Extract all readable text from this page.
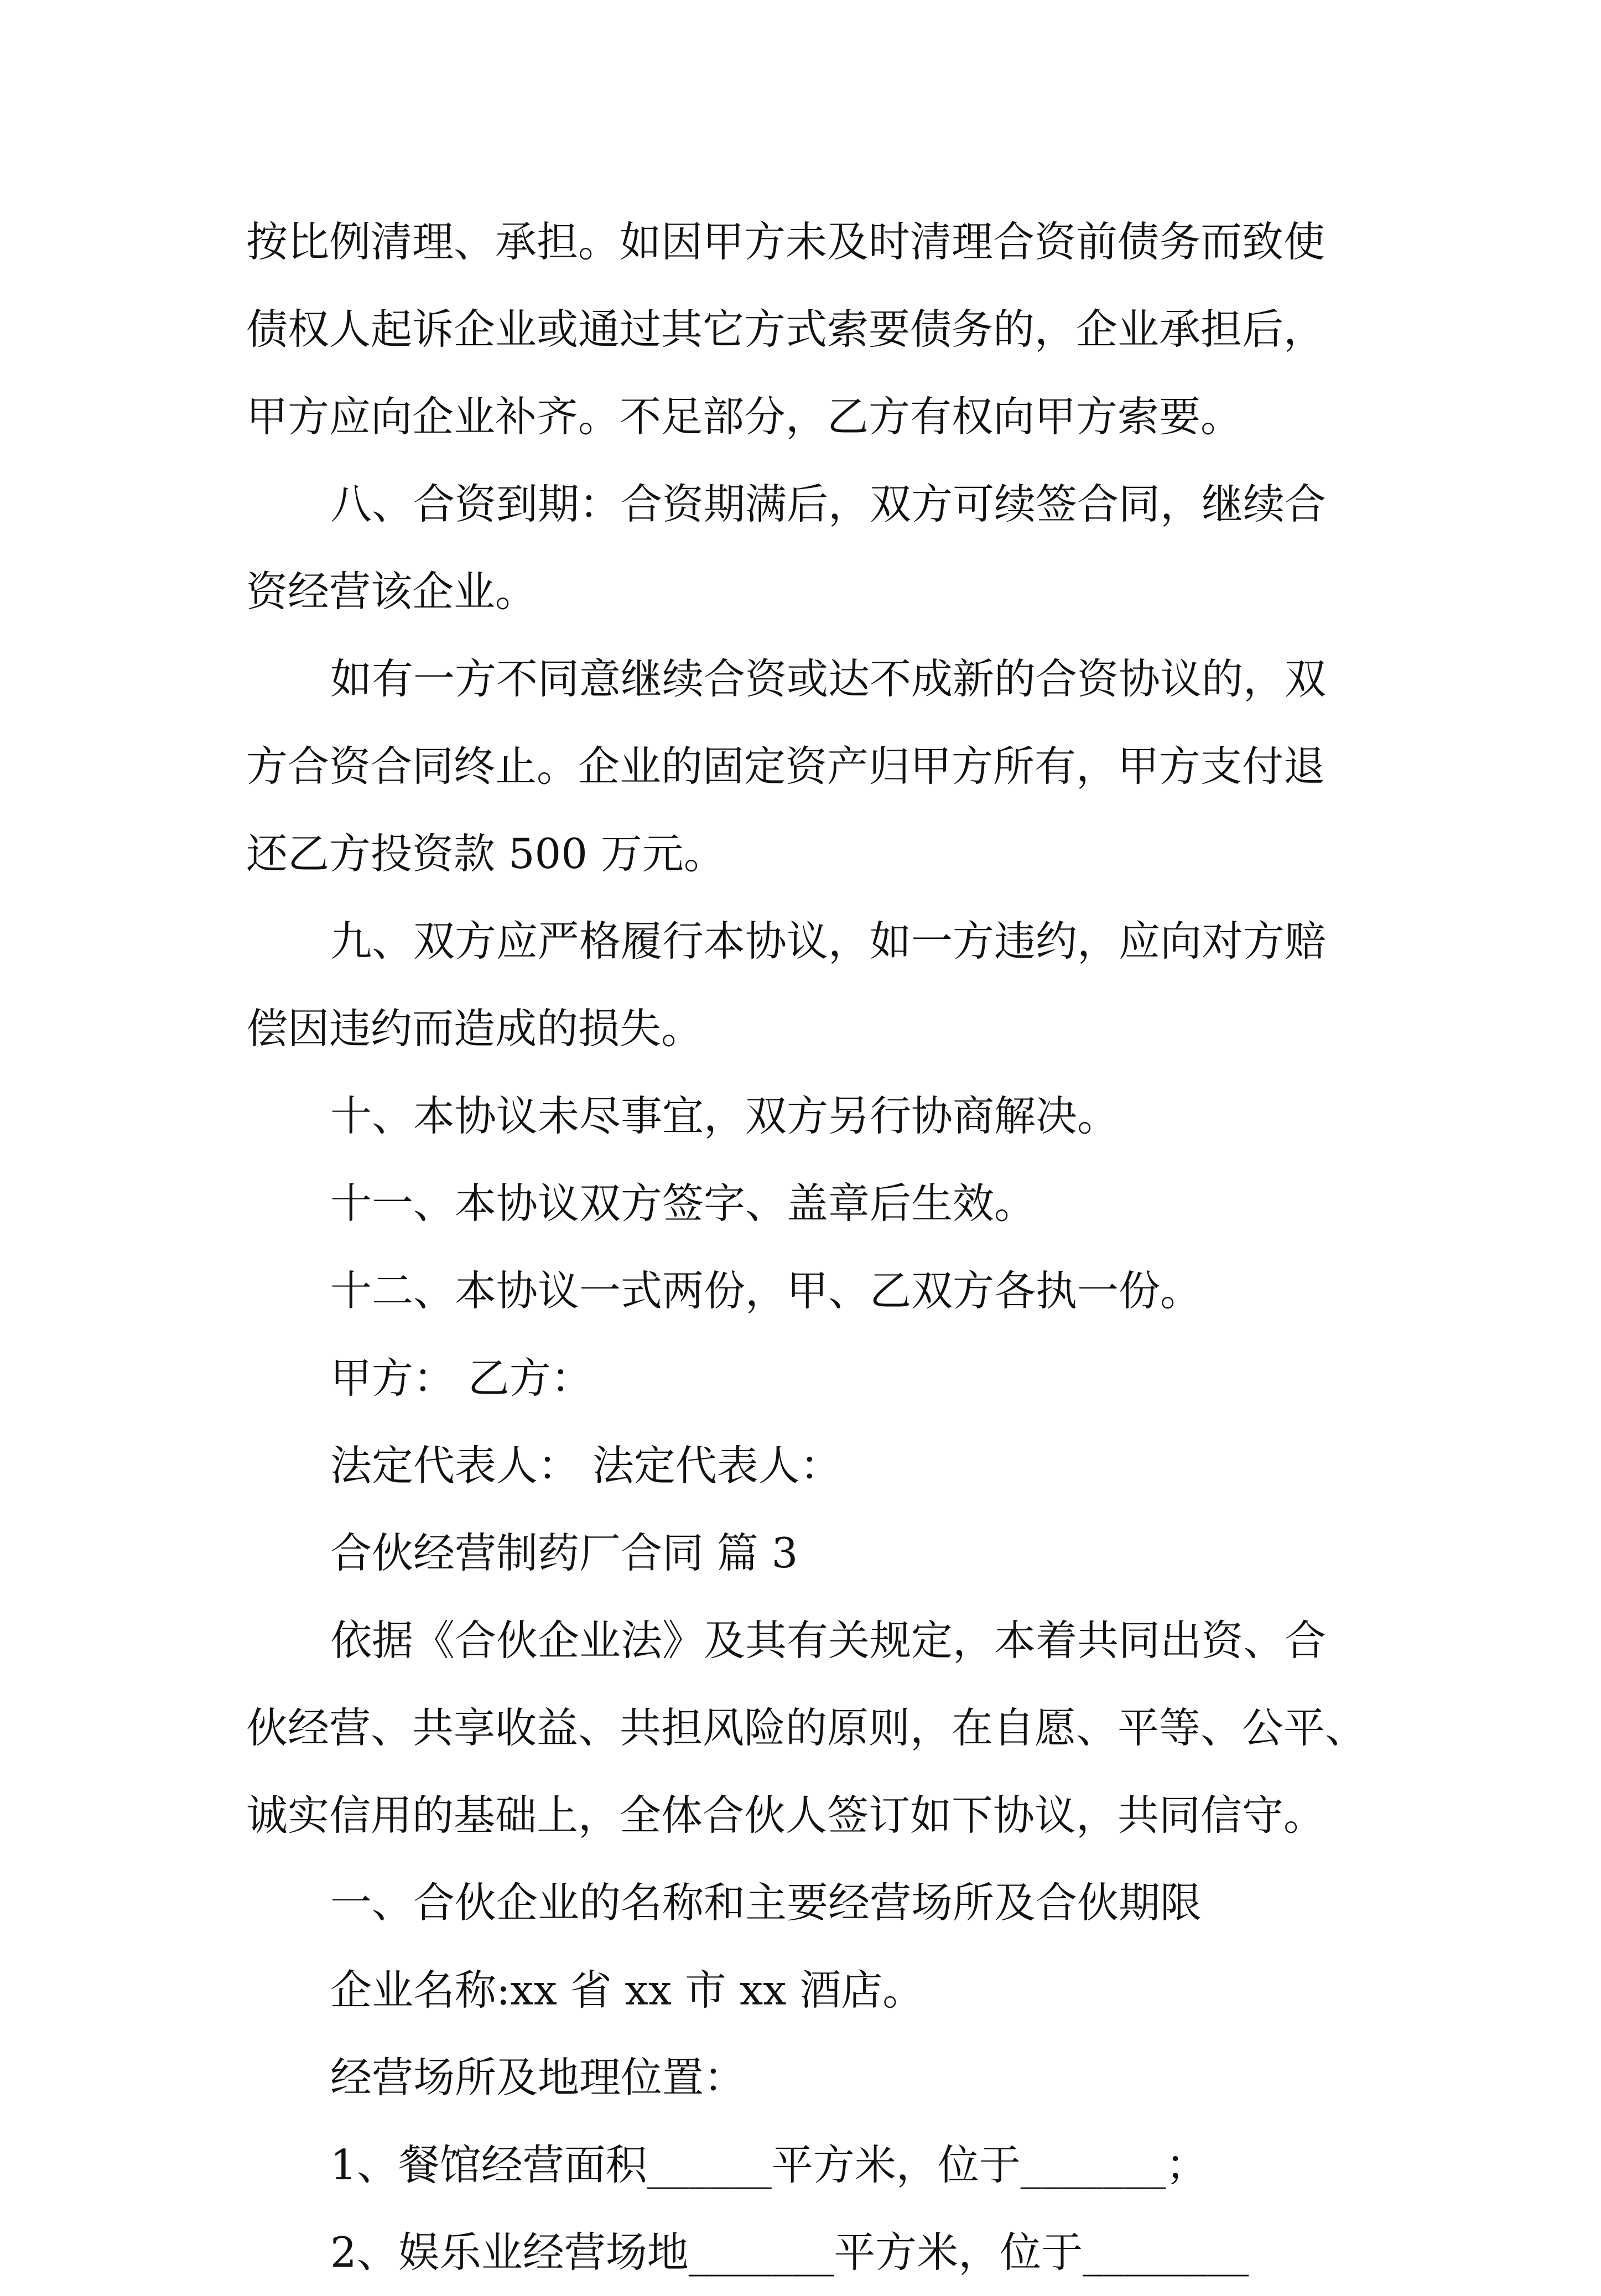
按比例清理、承担。如因甲方未及时清理合资前债务而致使
债权人起诉企业或通过其它方式索要债务的，企业承担后，
甲方应向企业补齐。不足部分，乙方有权向甲方索要。
八、合资到期：合资期满后，双方可续签合同，继续合
资经营该企业。
如有一方不同意继续合资或达不成新的合资协议的，双
方合资合同终止。企业的固定资产归甲方所有，甲方支付退
还乙方投资款 500 万元。
九、双方应严格履行本协议，如一方违约，应向对方赔
偿因违约而造成的损失。
十、本协议未尽事宜，双方另行协商解决。
十一、本协议双方签字、盖章后生效。
十二、本协议一式两份，甲、乙双方各执一份。
甲方： 乙方：
法定代表人： 法定代表人：
合伙经营制药厂合同 篇 3
依据《合伙企业法》及其有关规定，本着共同出资、合
伙经营、共享收益、共担风险的原则，在自愿、平等、公平、
诚实信用的基础上，全体合伙人签订如下协议，共同信守。
一、合伙企业的名称和主要经营场所及合伙期限
企业名称:xx 省 xx 市 xx 酒店。
经营场所及地理位置：
1、餐馆经营面积______平方米，位于_______；
2、娱乐业经营场地_______平方米，位于________
